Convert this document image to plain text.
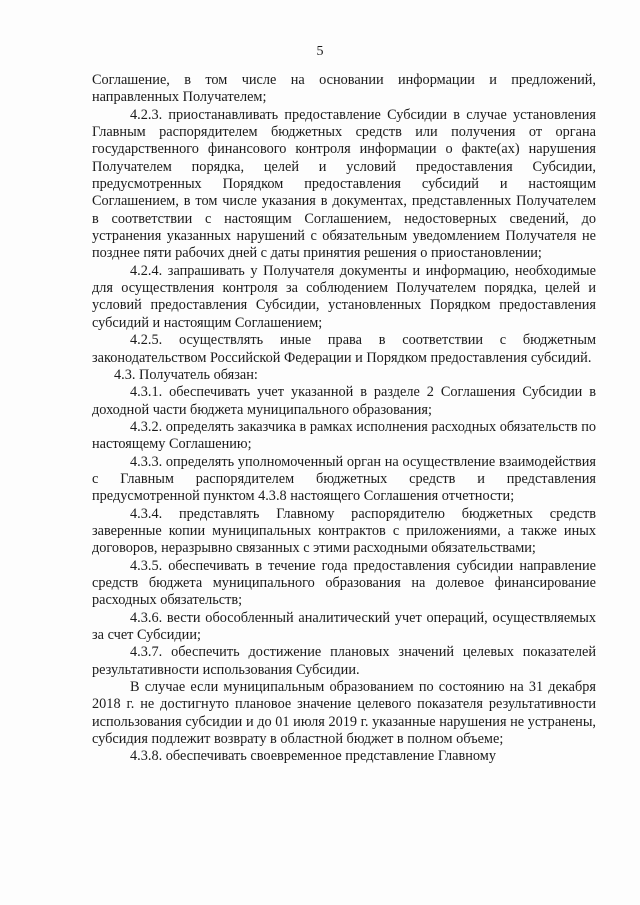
5

Соглашение, в том числе на основании информации и предложений, направленных Получателем;

4.2.3. приостанавливать предоставление Субсидии в случае установления Главным распорядителем бюджетных средств или получения от органа государственного финансового контроля информации о факте(ах) нарушения Получателем порядка, целей и условий предоставления Субсидии, предусмотренных Порядком предоставления субсидий и настоящим Соглашением, в том числе указания в документах, представленных Получателем в соответствии с настоящим Соглашением, недостоверных сведений, до устранения указанных нарушений с обязательным уведомлением Получателя не позднее пяти рабочих дней с даты принятия решения о приостановлении;

4.2.4. запрашивать у Получателя документы и информацию, необходимые для осуществления контроля за соблюдением Получателем порядка, целей и условий предоставления Субсидии, установленных Порядком предоставления субсидий и настоящим Соглашением;

4.2.5. осуществлять иные права в соответствии с бюджетным законодательством Российской Федерации и Порядком предоставления субсидий.

4.3. Получатель обязан:

4.3.1. обеспечивать учет указанной в разделе 2 Соглашения Субсидии в доходной части бюджета муниципального образования;

4.3.2. определять заказчика в рамках исполнения расходных обязательств по настоящему Соглашению;

4.3.3. определять уполномоченный орган на осуществление взаимодействия с Главным распорядителем бюджетных средств и представления предусмотренной пунктом 4.3.8 настоящего Соглашения отчетности;

4.3.4. представлять Главному распорядителю бюджетных средств заверенные копии муниципальных контрактов с приложениями, а также иных договоров, неразрывно связанных с этими расходными обязательствами;

4.3.5. обеспечивать в течение года предоставления субсидии направление средств бюджета муниципального образования на долевое финансирование расходных обязательств;

4.3.6. вести обособленный аналитический учет операций, осуществляемых за счет Субсидии;

4.3.7. обеспечить достижение плановых значений целевых показателей результативности использования Субсидии.

В случае если муниципальным образованием по состоянию на 31 декабря 2018 г. не достигнуто плановое значение целевого показателя результативности использования субсидии и до 01 июля 2019 г. указанные нарушения не устранены, субсидия подлежит возврату в областной бюджет в полном объеме;

4.3.8. обеспечивать своевременное представление Главному
